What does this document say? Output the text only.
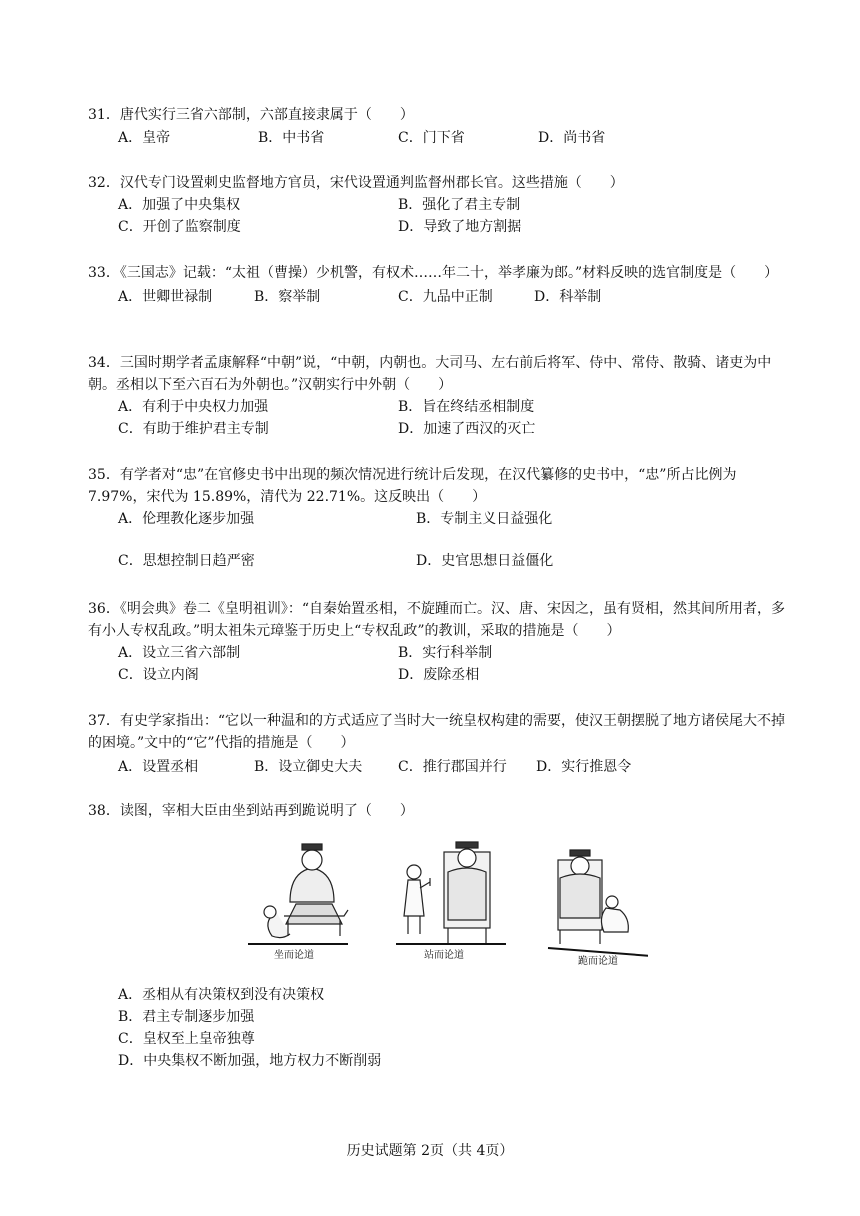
31．唐代实行三省六部制，六部直接隶属于（　　）
A．皇帝	B．中书省	C．门下省	D．尚书省
32．汉代专门设置刺史监督地方官员，宋代设置通判监督州郡长官。这些措施（　　）
A．加强了中央集权	B．强化了君主专制
C．开创了监察制度	D．导致了地方割据
33．《三国志》记载：“太祖（曹操）少机警，有权术……年二十，举孝廉为郎。”材料反映的选官制度是（　　）
A．世卿世禄制	B．察举制	C．九品中正制	D．科举制
34．三国时期学者孟康解释“中朝”说，“中朝，内朝也。大司马、左右前后将军、侍中、常侍、散骑、诸吏为中朝。丞相以下至六百石为外朝也。”汉朝实行中外朝（　　）
A．有利于中央权力加强	B．旨在终结丞相制度
C．有助于维护君主专制	D．加速了西汉的灭亡
35．有学者对“忠”在官修史书中出现的频次情况进行统计后发现，在汉代纂修的史书中，“忠”所占比例为 7.97%，宋代为 15.89%，清代为 22.71%。这反映出（　　）
A．伦理教化逐步加强	B．专制主义日益强化
C．思想控制日趋严密	D．史官思想日益僵化
36．《明会典》卷二《皇明祖训》：“自秦始置丞相，不旋踵而亡。汉、唐、宋因之，虽有贤相，然其间所用者，多有小人专权乱政。”明太祖朱元璋鉴于历史上“专权乱政”的教训，采取的措施是（　　）
A．设立三省六部制	B．实行科举制
C．设立内阁	D．废除丞相
37．有史学家指出：“它以一种温和的方式适应了当时大一统皇权构建的需要，使汉王朝摆脱了地方诸侯尾大不掉的困境。”文中的“它”代指的措施是（　　）
A．设置丞相	B．设立御史大夫	C．推行郡国并行	D．实行推恩令
38．读图，宰相大臣由坐到站再到跪说明了（　　）
坐而论道	站而论道
跪而论道
A．丞相从有决策权到没有决策权
B．君主专制逐步加强
C．皇权至上皇帝独尊
D．中央集权不断加强，地方权力不断削弱
历史试题第 2页（共 4页）
